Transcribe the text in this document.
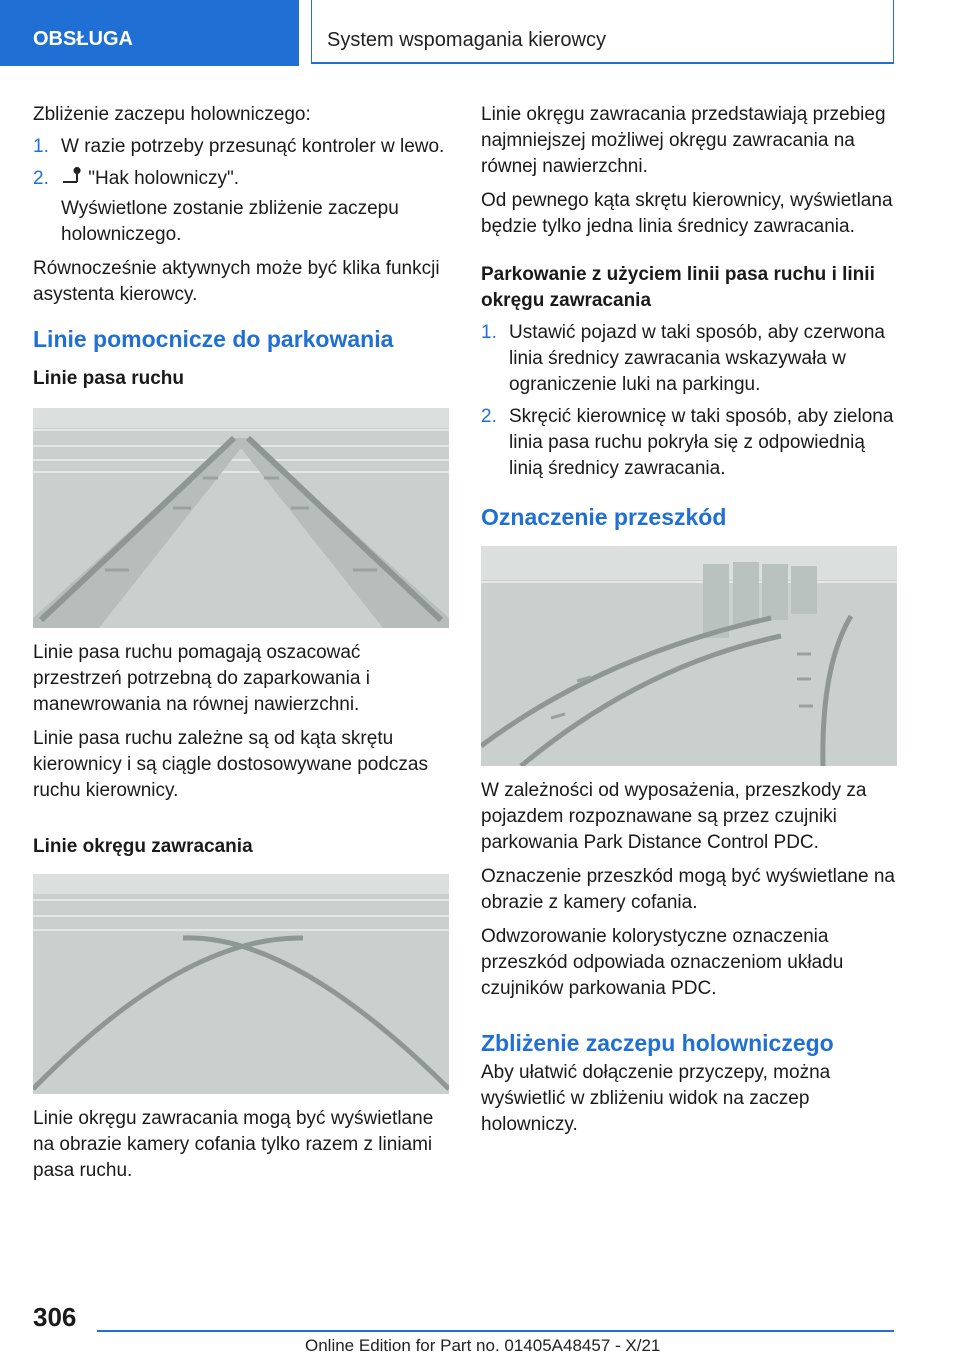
OBSŁUGA	System wspomagania kierowcy

Zbliżenie zaczepu holowniczego:

1. W razie potrzeby przesunąć kontroler w lewo.
2. "Hak holowniczy".
Wyświetlone zostanie zbliżenie zaczepu holowniczego.

Równocześnie aktywnych może być klika funkcji asystenta kierowcy.

Linie pomocnicze do parkowania
Linie pasa ruchu

Linie pasa ruchu pomagają oszacować przestrzeń potrzebną do zaparkowania i manewrowania na równej nawierzchni.

Linie pasa ruchu zależne są od kąta skrętu kierownicy i są ciągle dostosowywane podczas ruchu kierownicy.

Linie okręgu zawracania

Linie okręgu zawracania mogą być wyświetlane na obrazie kamery cofania tylko razem z liniami pasa ruchu.

Linie okręgu zawracania przedstawiają przebieg najmniejszej możliwej okręgu zawracania na równej nawierzchni.

Od pewnego kąta skrętu kierownicy, wyświetlana będzie tylko jedna linia średnicy zawracania.

Parkowanie z użyciem linii pasa ruchu i linii okręgu zawracania
1. Ustawić pojazd w taki sposób, aby czerwona linia średnicy zawracania wskazywała w ograniczenie luki na parkingu.
2. Skręcić kierownicę w taki sposób, aby zielona linia pasa ruchu pokryła się z odpowiednią linią średnicy zawracania.
Oznaczenie przeszkód

W zależności od wyposażenia, przeszkody za pojazdem rozpoznawane są przez czujniki parkowania Park Distance Control PDC.

Oznaczenie przeszkód mogą być wyświetlane na obrazie z kamery cofania.

Odwzorowanie kolorystyczne oznaczenia przeszkód odpowiada oznaczeniom układu czujników parkowania PDC.

Zbliżenie zaczepu holowniczego

Aby ułatwić dołączenie przyczepy, można wyświetlić w zbliżeniu widok na zaczep holowniczy.

306
Online Edition for Part no. 01405A48457 - X/21
